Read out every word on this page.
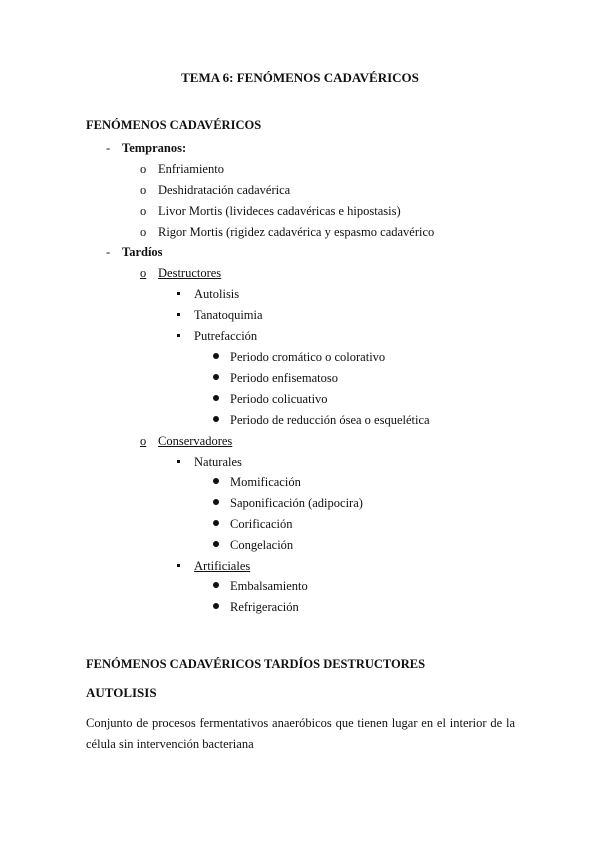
TEMA 6: FENÓMENOS CADAVÉRICOS
FENÓMENOS CADAVÉRICOS
- Tempranos:
o Enfriamiento
o Deshidratación cadavérica
o Livor Mortis (livideces cadavéricas e hipostasis)
o Rigor Mortis (rigidez cadavérica y espasmo cadavérico
- Tardíos
o Destructores
Autolisis
Tanatoquimia
Putrefacción
Periodo cromático o colorativo
Periodo enfisematoso
Periodo colicuativo
Periodo de reducción ósea o esquelética
o Conservadores
Naturales
Momificación
Saponificación (adipocira)
Corificación
Congelación
Artificiales
Embalsamiento
Refrigeración
FENÓMENOS CADAVÉRICOS TARDÍOS DESTRUCTORES
AUTOLISIS
Conjunto de procesos fermentativos anaeróbicos que tienen lugar en el interior de la célula sin intervención bacteriana
